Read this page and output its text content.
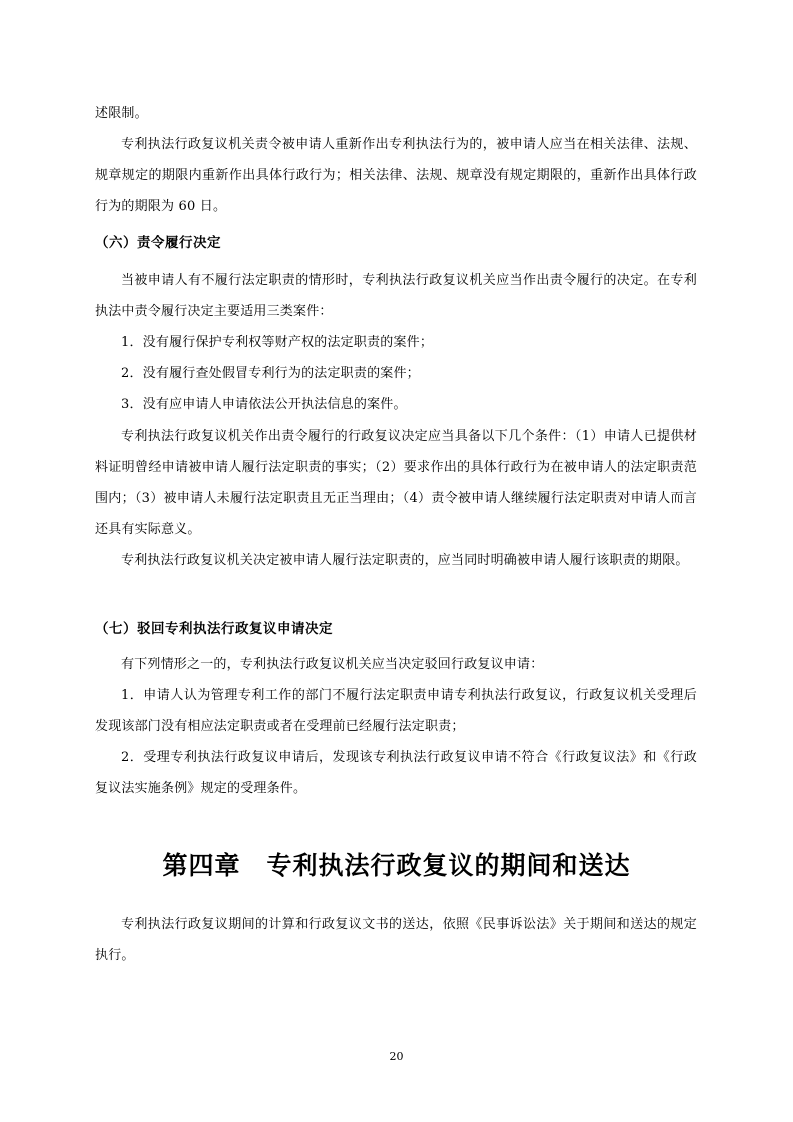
述限制。

专利执法行政复议机关责令被申请人重新作出专利执法行为的，被申请人应当在相关法律、法规、规章规定的期限内重新作出具体行政行为；相关法律、法规、规章没有规定期限的，重新作出具体行政行为的期限为 60 日。

（六）责令履行决定

当被申请人有不履行法定职责的情形时，专利执法行政复议机关应当作出责令履行的决定。在专利执法中责令履行决定主要适用三类案件：

1．没有履行保护专利权等财产权的法定职责的案件；

2．没有履行查处假冒专利行为的法定职责的案件；

3．没有应申请人申请依法公开执法信息的案件。

专利执法行政复议机关作出责令履行的行政复议决定应当具备以下几个条件：（1）申请人已提供材料证明曾经申请被申请人履行法定职责的事实；（2）要求作出的具体行政行为在被申请人的法定职责范围内；（3）被申请人未履行法定职责且无正当理由；（4）责令被申请人继续履行法定职责对申请人而言还具有实际意义。

专利执法行政复议机关决定被申请人履行法定职责的，应当同时明确被申请人履行该职责的期限。

（七）驳回专利执法行政复议申请决定

有下列情形之一的，专利执法行政复议机关应当决定驳回行政复议申请：

1．申请人认为管理专利工作的部门不履行法定职责申请专利执法行政复议，行政复议机关受理后发现该部门没有相应法定职责或者在受理前已经履行法定职责；

2．受理专利执法行政复议申请后，发现该专利执法行政复议申请不符合《行政复议法》和《行政复议法实施条例》规定的受理条件。

第四章　专利执法行政复议的期间和送达

专利执法行政复议期间的计算和行政复议文书的送达，依照《民事诉讼法》关于期间和送达的规定执行。

20
